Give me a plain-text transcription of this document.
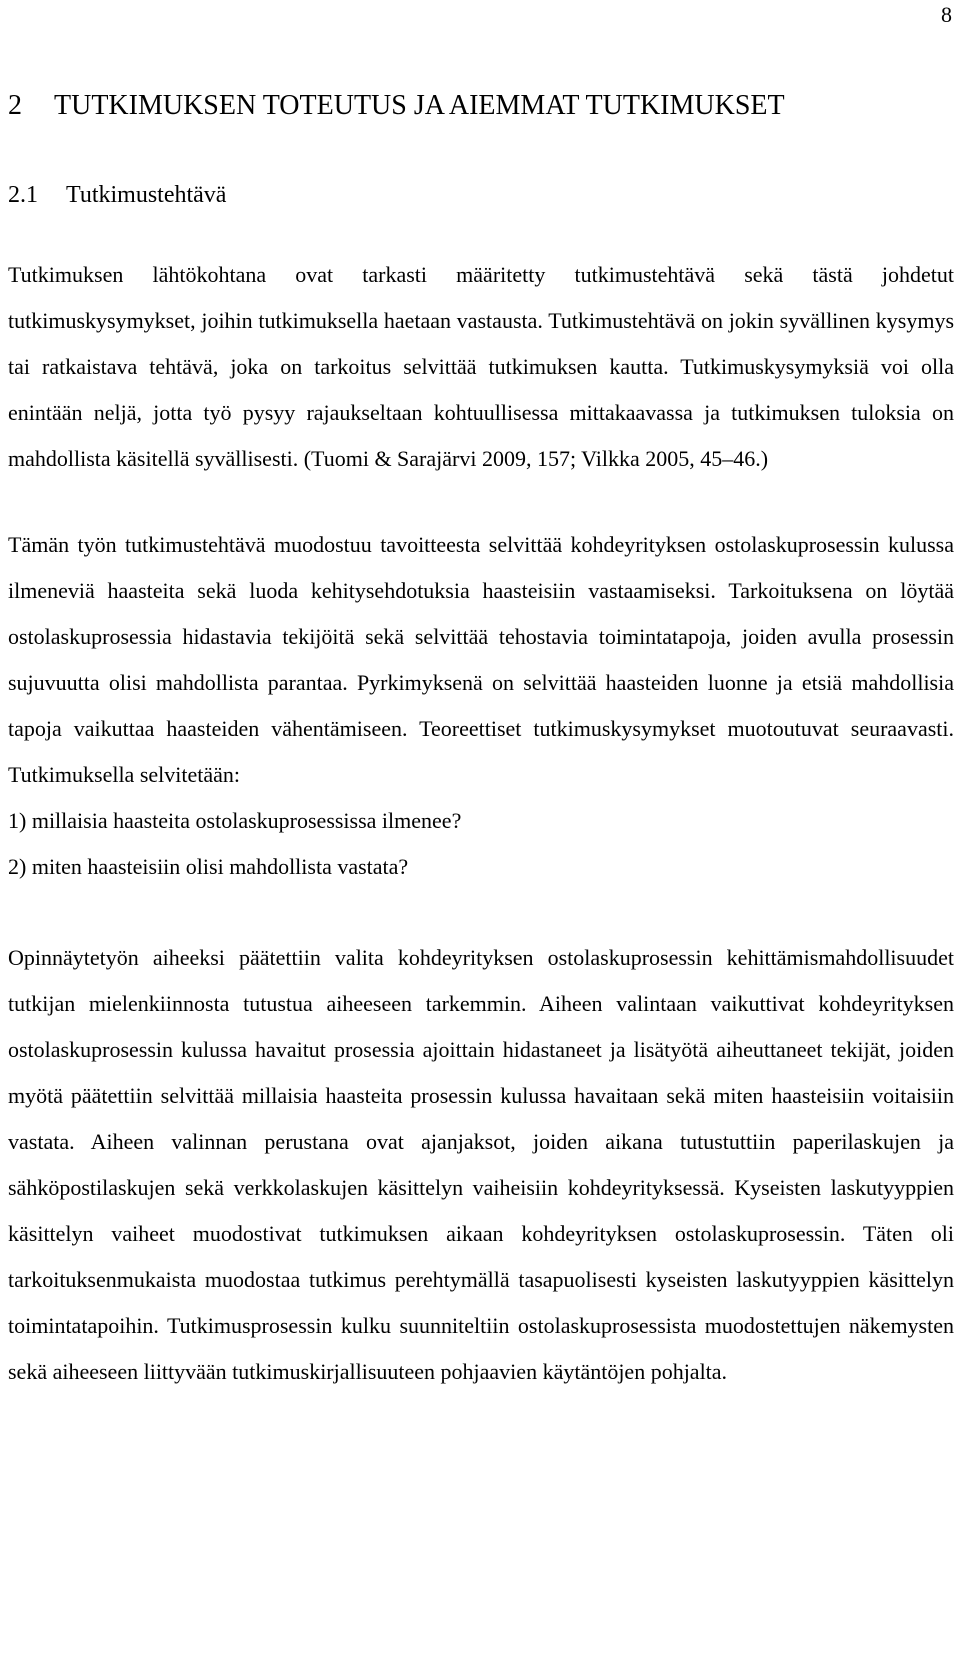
8
2 TUTKIMUKSEN TOTEUTUS JA AIEMMAT TUTKIMUKSET
2.1 Tutkimustehtävä

Tutkimuksen lähtökohtana ovat tarkasti määritetty tutkimustehtävä sekä tästä johdetut tutkimuskysymykset, joihin tutkimuksella haetaan vastausta. Tutkimustehtävä on jokin syvällinen kysymys tai ratkaistava tehtävä, joka on tarkoitus selvittää tutkimuksen kautta. Tutkimuskysymyksiä voi olla enintään neljä, jotta työ pysyy rajaukseltaan kohtuullisessa mittakaavassa ja tutkimuksen tuloksia on mahdollista käsitellä syvällisesti. (Tuomi & Sarajärvi 2009, 157; Vilkka 2005, 45–46.)

Tämän työn tutkimustehtävä muodostuu tavoitteesta selvittää kohdeyrityksen ostolaskuprosessin kulussa ilmeneviä haasteita sekä luoda kehitysehdotuksia haasteisiin vastaamiseksi. Tarkoituksena on löytää ostolaskuprosessia hidastavia tekijöitä sekä selvittää tehostavia toimintatapoja, joiden avulla prosessin sujuvuutta olisi mahdollista parantaa. Pyrkimyksenä on selvittää haasteiden luonne ja etsiä mahdollisia tapoja vaikuttaa haasteiden vähentämiseen. Teoreettiset tutkimuskysymykset muotoutuvat seuraavasti. Tutkimuksella selvitetään:

1) millaisia haasteita ostolaskuprosessissa ilmenee?
2) miten haasteisiin olisi mahdollista vastata?

Opinnäytetyön aiheeksi päätettiin valita kohdeyrityksen ostolaskuprosessin kehittämismahdollisuudet tutkijan mielenkiinnosta tutustua aiheeseen tarkemmin. Aiheen valintaan vaikuttivat kohdeyrityksen ostolaskuprosessin kulussa havaitut prosessia ajoittain hidastaneet ja lisätyötä aiheuttaneet tekijät, joiden myötä päätettiin selvittää millaisia haasteita prosessin kulussa havaitaan sekä miten haasteisiin voitaisiin vastata. Aiheen valinnan perustana ovat ajanjaksot, joiden aikana tutustuttiin paperilaskujen ja sähköpostilaskujen sekä verkkolaskujen käsittelyn vaiheisiin kohdeyrityksessä. Kyseisten laskutyyppien käsittelyn vaiheet muodostivat tutkimuksen aikaan kohdeyrityksen ostolaskuprosessin. Täten oli tarkoituksenmukaista muodostaa tutkimus perehtymällä tasapuolisesti kyseisten laskutyyppien käsittelyn toimintatapoihin. Tutkimusprosessin kulku suunniteltiin ostolaskuprosessista muodostettujen näkemysten sekä aiheeseen liittyvään tutkimuskirjallisuuteen pohjaavien käytäntöjen pohjalta.
